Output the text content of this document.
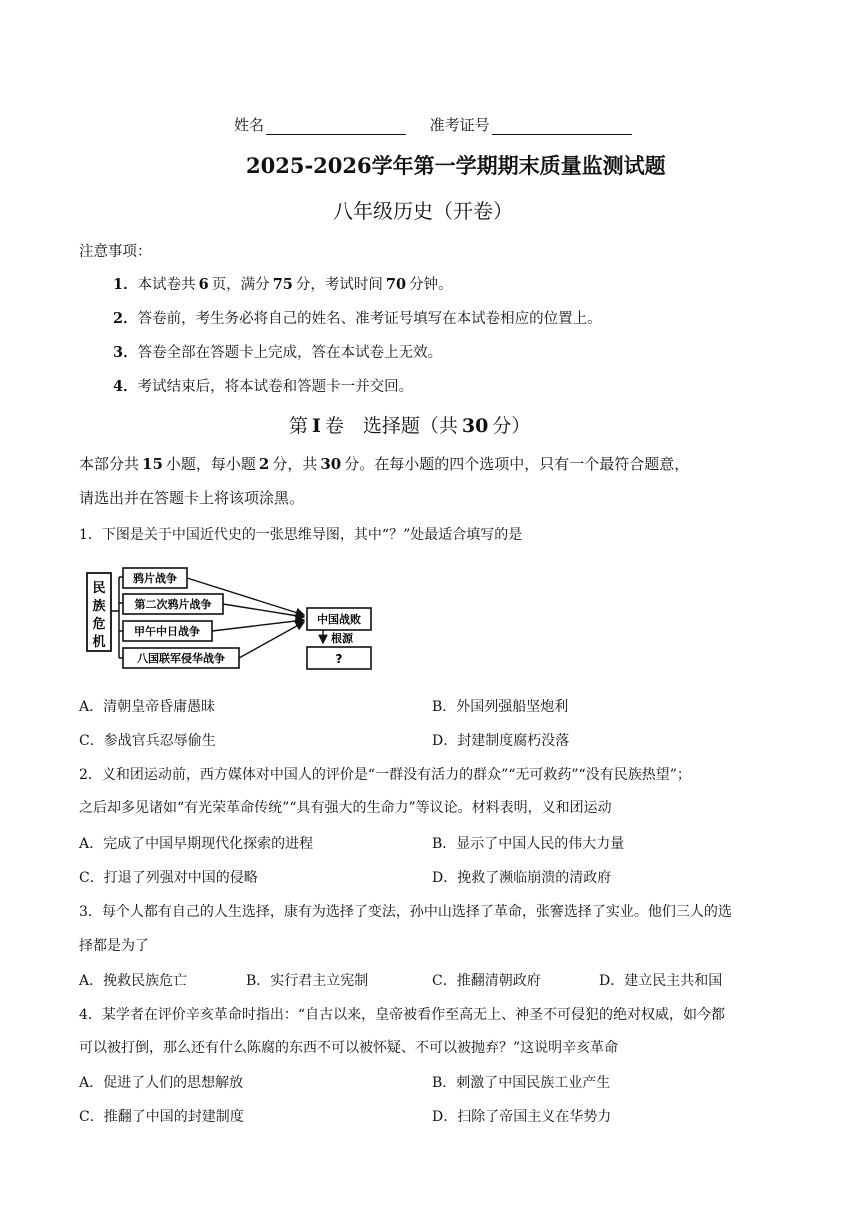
姓名	准考证号
2025-2026学年第一学期期末质量监测试题
八年级历史（开卷）
注意事项：
1．本试卷共 6 页，满分 75 分，考试时间 70 分钟。
2．答卷前，考生务必将自己的姓名、准考证号填写在本试卷相应的位置上。
3．答卷全部在答题卡上完成，答在本试卷上无效。
4．考试结束后，将本试卷和答题卡一并交回。
第 I 卷　选择题（共 30 分）
本部分共 15 小题，每小题 2 分，共 30 分。在每小题的四个选项中，只有一个最符合题意，
请选出并在答题卡上将该项涂黑。
1．下图是关于中国近代史的一张思维导图，其中“？”处最适合填写的是
民
族
危
机
鸦片战争
第二次鸦片战争
甲午中日战争
八国联军侵华战争
中国战败
根源
?
A．清朝皇帝昏庸愚昧	B．外国列强船坚炮利
C．参战官兵忍辱偷生	D．封建制度腐朽没落
2．义和团运动前，西方媒体对中国人的评价是“一群没有活力的群众”“无可救药”“没有民族热望”；
之后却多见诸如“有光荣革命传统”“具有强大的生命力”等议论。材料表明，义和团运动
A．完成了中国早期现代化探索的进程	B．显示了中国人民的伟大力量
C．打退了列强对中国的侵略	D．挽救了濒临崩溃的清政府
3．每个人都有自己的人生选择，康有为选择了变法，孙中山选择了革命，张謇选择了实业。他们三人的选
择都是为了
A．挽救民族危亡	B．实行君主立宪制	C．推翻清朝政府	D．建立民主共和国
4．某学者在评价辛亥革命时指出：“自古以来，皇帝被看作至高无上、神圣不可侵犯的绝对权威，如今都
可以被打倒，那么还有什么陈腐的东西不可以被怀疑、不可以被抛弃？”这说明辛亥革命
A．促进了人们的思想解放	B．刺激了中国民族工业产生
C．推翻了中国的封建制度	D．扫除了帝国主义在华势力
